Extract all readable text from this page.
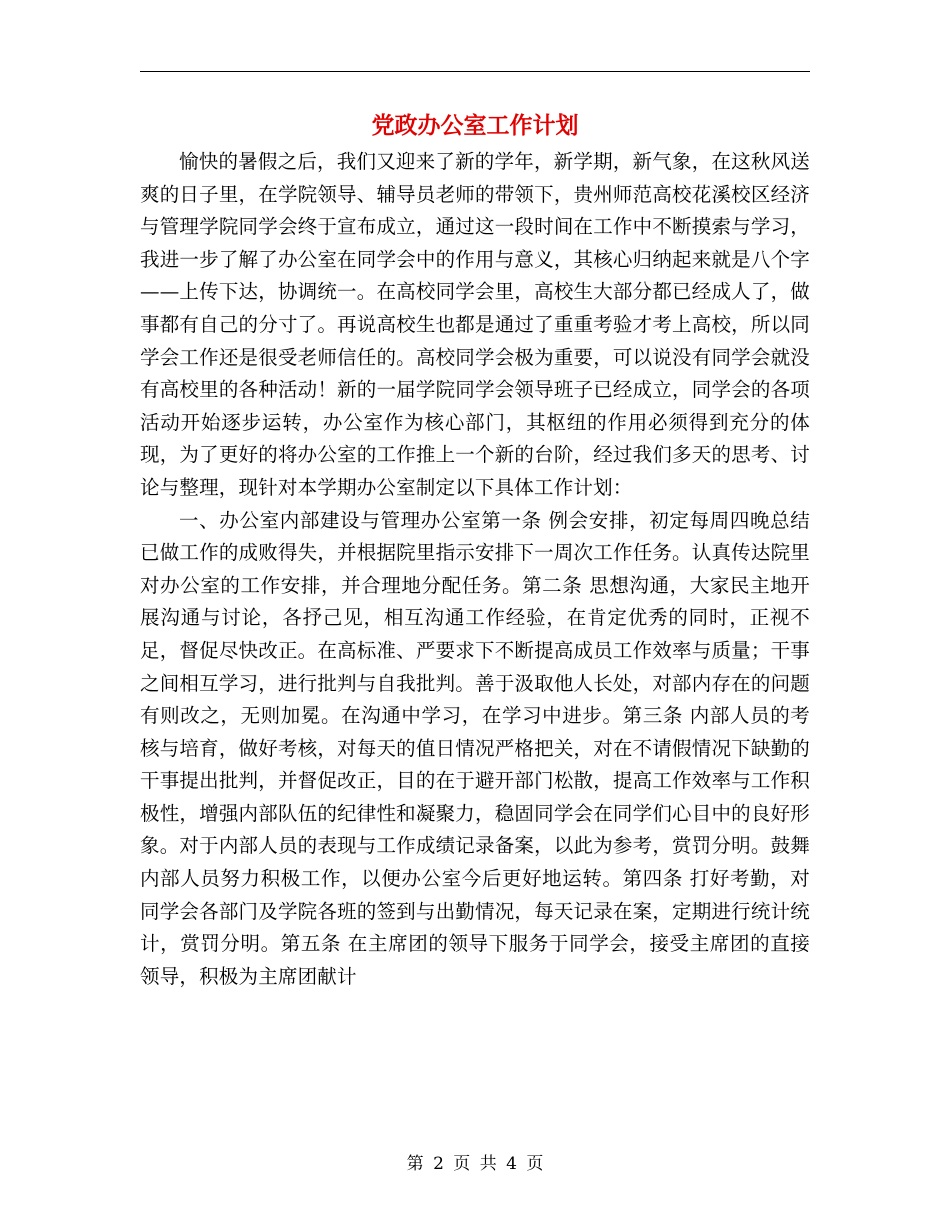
党政办公室工作计划

愉快的暑假之后，我们又迎来了新的学年，新学期，新气象，在这秋风送爽的日子里，在学院领导、辅导员老师的带领下，贵州师范高校花溪校区经济与管理学院同学会终于宣布成立，通过这一段时间在工作中不断摸索与学习，我进一步了解了办公室在同学会中的作用与意义，其核心归纳起来就是八个字——上传下达，协调统一。在高校同学会里，高校生大部分都已经成人了，做事都有自己的分寸了。再说高校生也都是通过了重重考验才考上高校，所以同学会工作还是很受老师信任的。高校同学会极为重要，可以说没有同学会就没有高校里的各种活动！新的一届学院同学会领导班子已经成立，同学会的各项活动开始逐步运转，办公室作为核心部门，其枢纽的作用必须得到充分的体现，为了更好的将办公室的工作推上一个新的台阶，经过我们多天的思考、讨论与整理，现针对本学期办公室制定以下具体工作计划：

一、办公室内部建设与管理办公室第一条 例会安排，初定每周四晚总结已做工作的成败得失，并根据院里指示安排下一周次工作任务。认真传达院里对办公室的工作安排，并合理地分配任务。第二条 思想沟通，大家民主地开展沟通与讨论，各抒己见，相互沟通工作经验，在肯定优秀的同时，正视不足，督促尽快改正。在高标准、严要求下不断提高成员工作效率与质量；干事之间相互学习，进行批判与自我批判。善于汲取他人长处，对部内存在的问题有则改之，无则加冕。在沟通中学习，在学习中进步。第三条 内部人员的考核与培育，做好考核，对每天的值日情况严格把关，对在不请假情况下缺勤的干事提出批判，并督促改正，目的在于避开部门松散，提高工作效率与工作积极性，增强内部队伍的纪律性和凝聚力，稳固同学会在同学们心目中的良好形象。对于内部人员的表现与工作成绩记录备案，以此为参考，赏罚分明。鼓舞内部人员努力积极工作，以便办公室今后更好地运转。第四条 打好考勤，对同学会各部门及学院各班的签到与出勤情况，每天记录在案，定期进行统计统计，赏罚分明。第五条 在主席团的领导下服务于同学会，接受主席团的直接领导，积极为主席团献计

第 2 页 共 4 页
